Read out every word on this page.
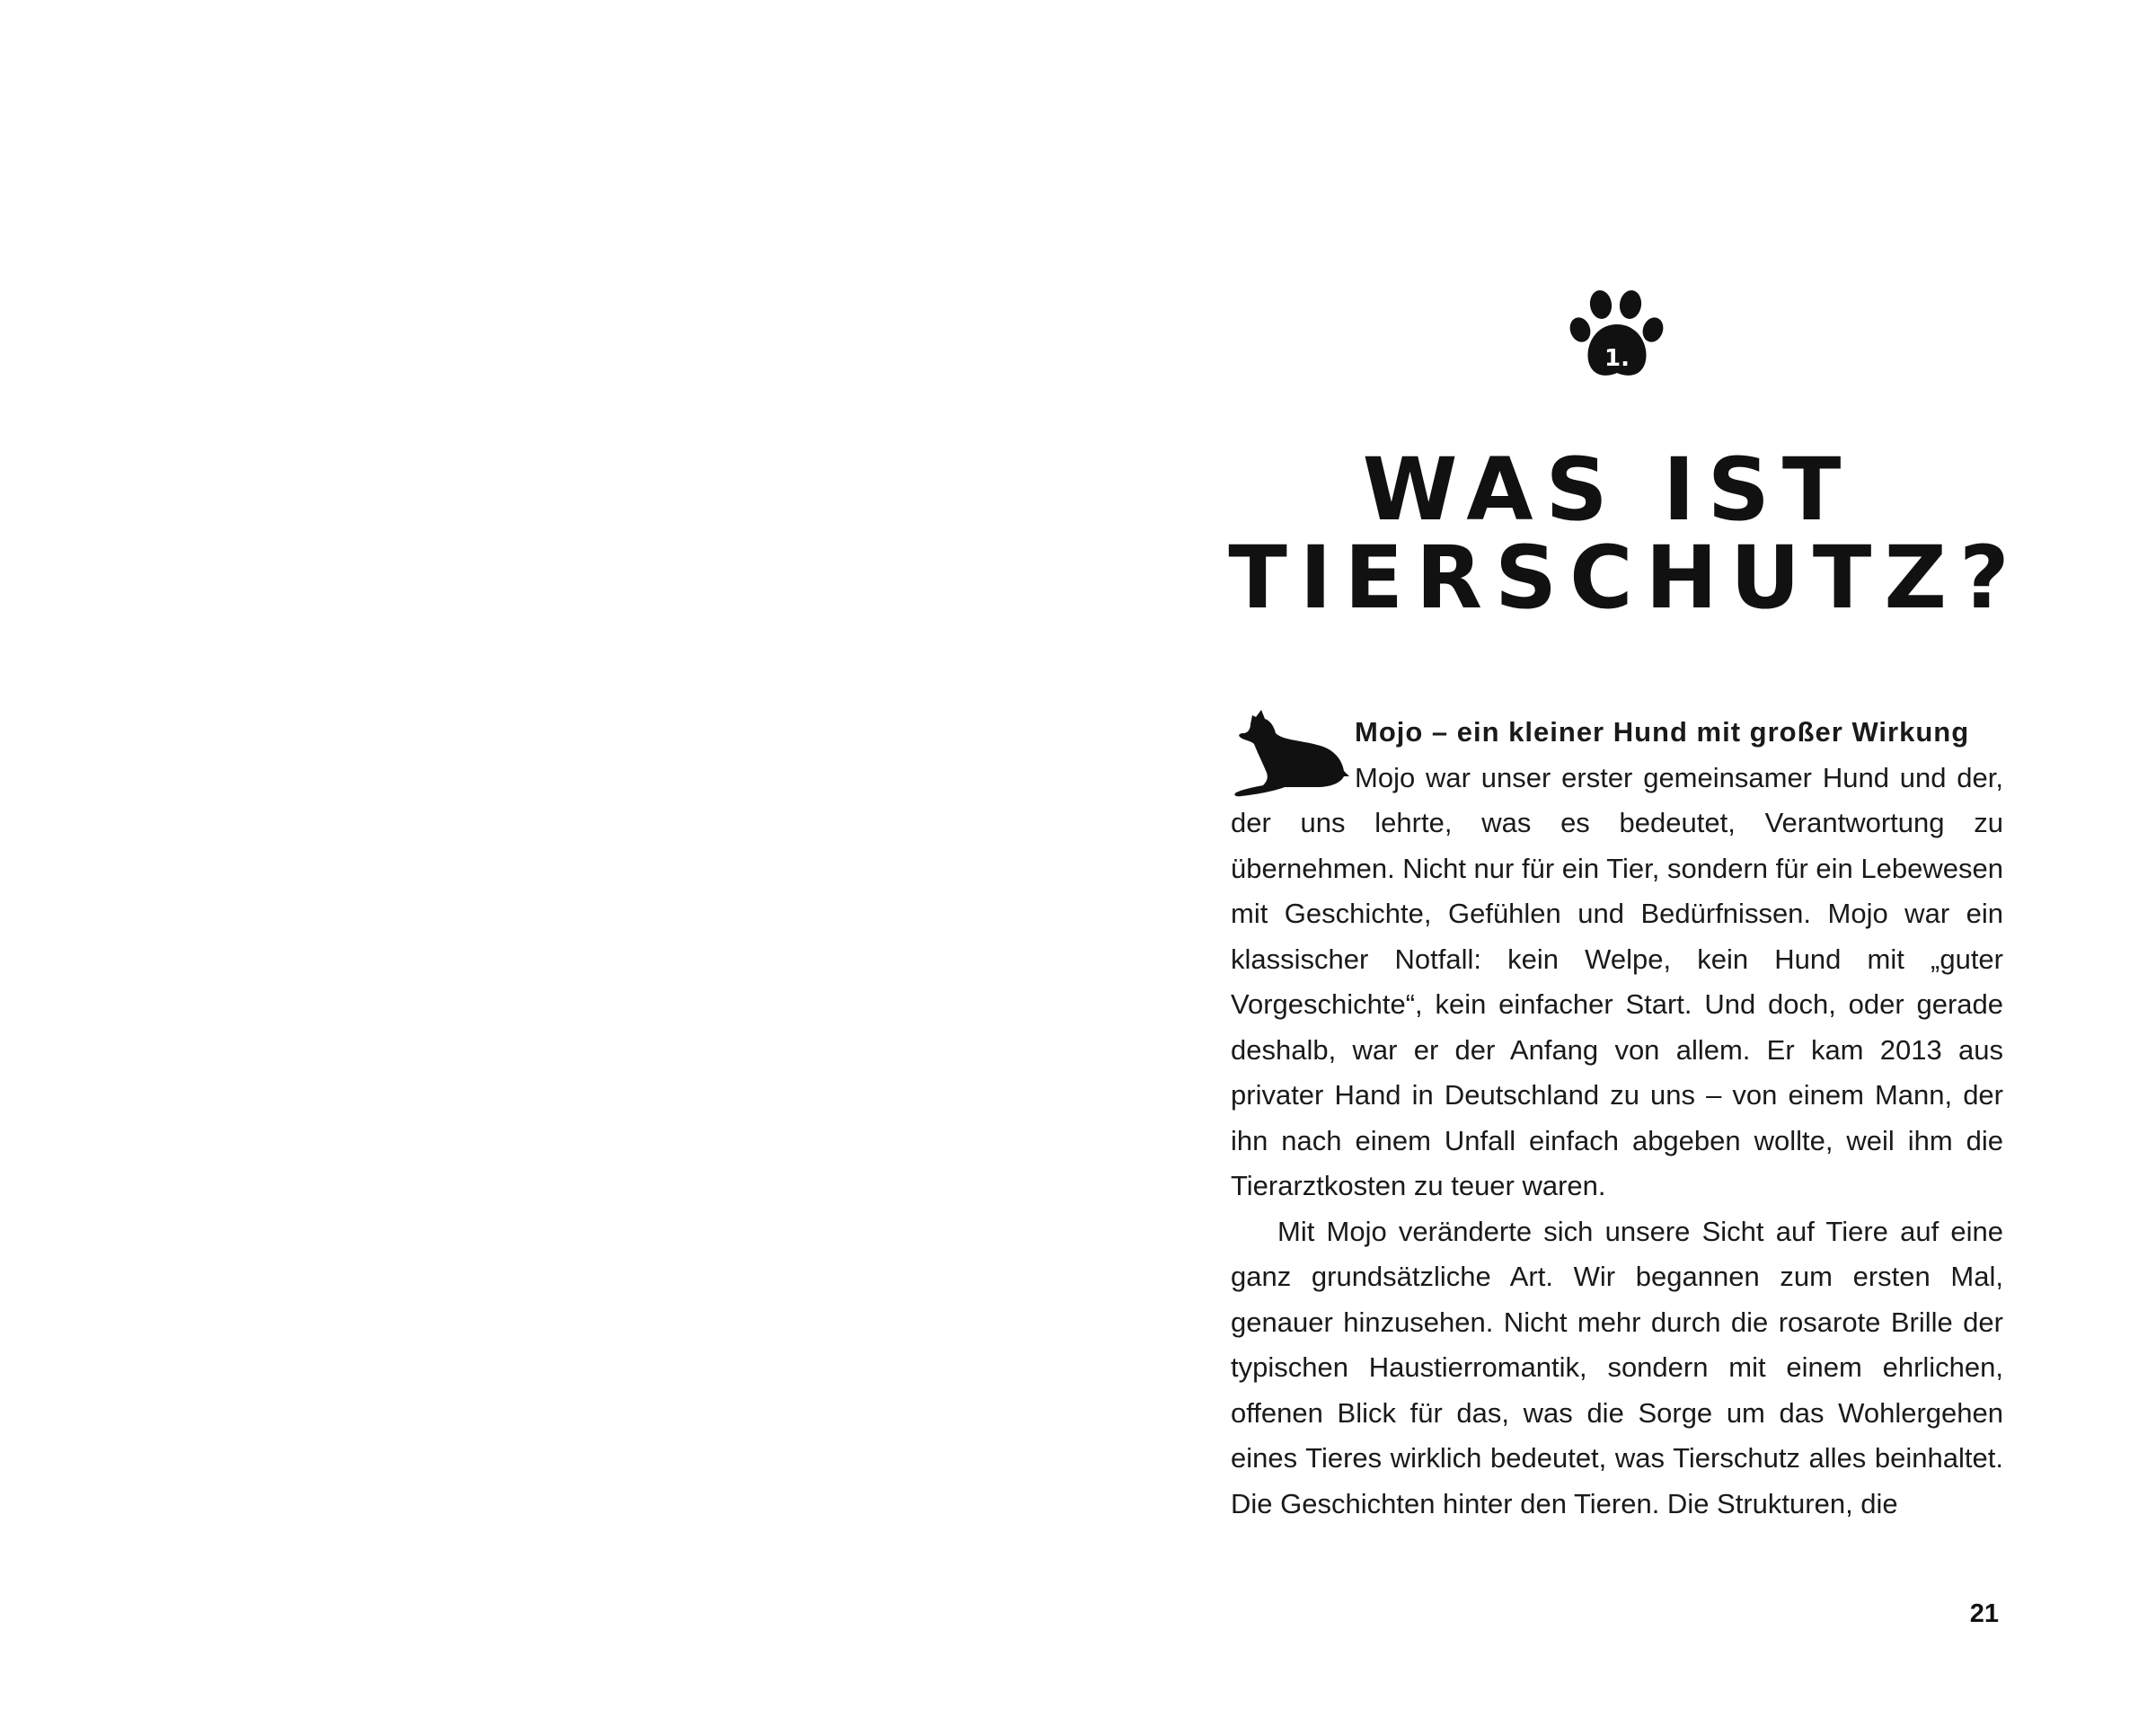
1.
WAS IST
TIERSCHUTZ?
Mojo – ein kleiner Hund mit großer Wirkung

Mojo war unser erster gemeinsamer Hund und der, der uns lehrte, was es bedeutet, Verantwortung zu übernehmen. Nicht nur für ein Tier, sondern für ein Lebewesen mit Geschichte, Gefühlen und Bedürfnissen. Mojo war ein klassischer Notfall: kein Welpe, kein Hund mit „guter Vorgeschichte“, kein einfacher Start. Und doch, oder gerade deshalb, war er der Anfang von allem. Er kam 2013 aus privater Hand in Deutschland zu uns – von einem Mann, der ihn nach einem Unfall einfach abgeben wollte, weil ihm die Tierarztkosten zu teuer waren.

Mit Mojo veränderte sich unsere Sicht auf Tiere auf eine ganz grundsätzliche Art. Wir begannen zum ersten Mal, genauer hinzusehen. Nicht mehr durch die rosarote Brille der typischen Haustierromantik, sondern mit einem ehrlichen, offenen Blick für das, was die Sorge um das Wohlergehen eines Tieres wirklich bedeutet, was Tierschutz alles beinhaltet. Die Geschichten hinter den Tieren. Die Strukturen, die

21
